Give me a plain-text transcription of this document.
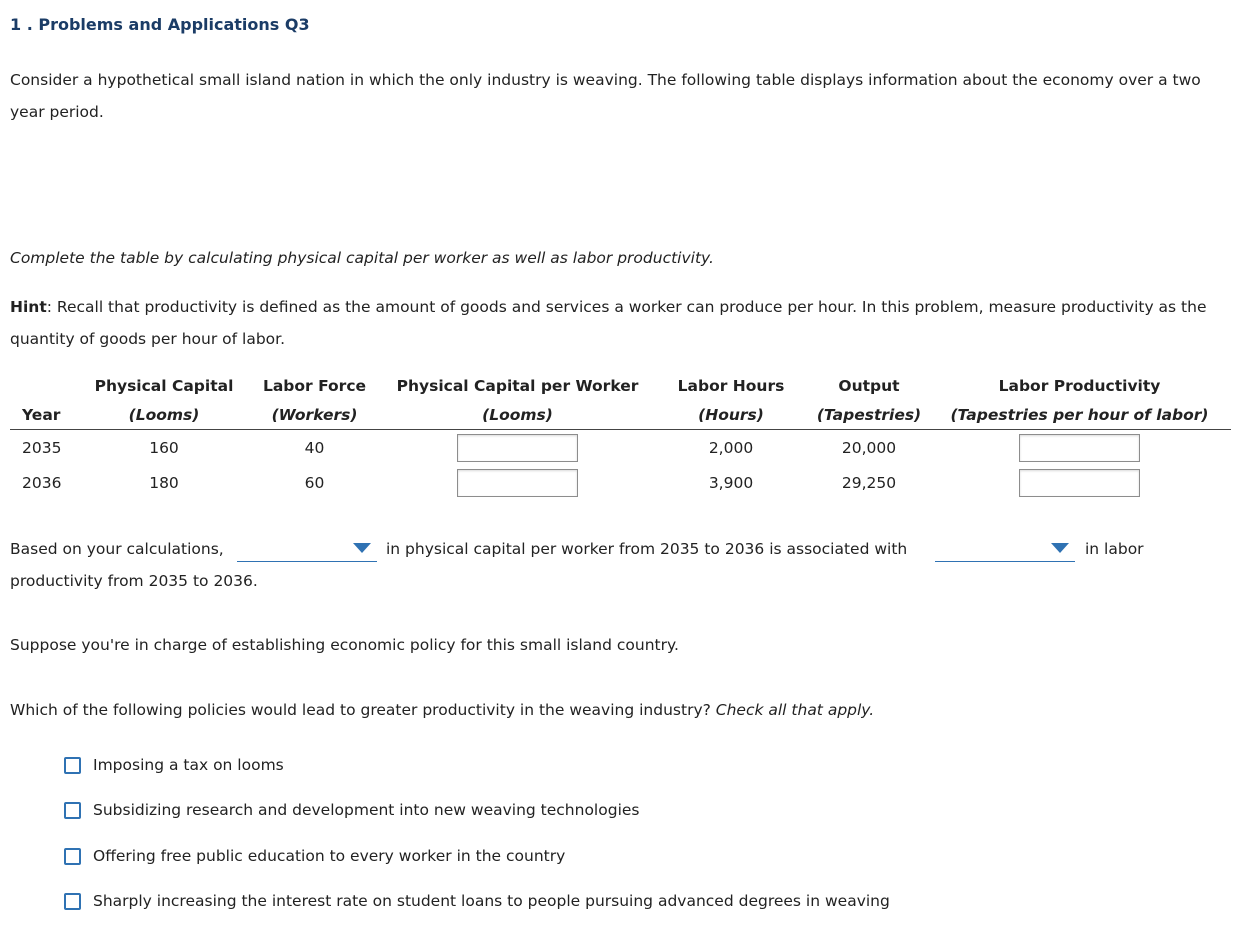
1 . Problems and Applications Q3
Consider a hypothetical small island nation in which the only industry is weaving. The following table displays information about the economy over a two year period.
Complete the table by calculating physical capital per worker as well as labor productivity.
Hint: Recall that productivity is defined as the amount of goods and services a worker can produce per hour. In this problem, measure productivity as the quantity of goods per hour of labor.
	Physical Capital	Labor Force	Physical Capital per Worker	Labor Hours	Output	Labor Productivity
Year	(Looms)	(Workers)	(Looms)	(Hours)	(Tapestries)	(Tapestries per hour of labor)
2035	160	40		2,000	20,000	
2036	180	60		3,900	29,250	
Based on your calculations,	in physical capital per worker from 2035 to 2036 is associated with	in labor
productivity from 2035 to 2036.
Suppose you're in charge of establishing economic policy for this small island country.
Which of the following policies would lead to greater productivity in the weaving industry? Check all that apply.
Imposing a tax on looms
Subsidizing research and development into new weaving technologies
Offering free public education to every worker in the country
Sharply increasing the interest rate on student loans to people pursuing advanced degrees in weaving
